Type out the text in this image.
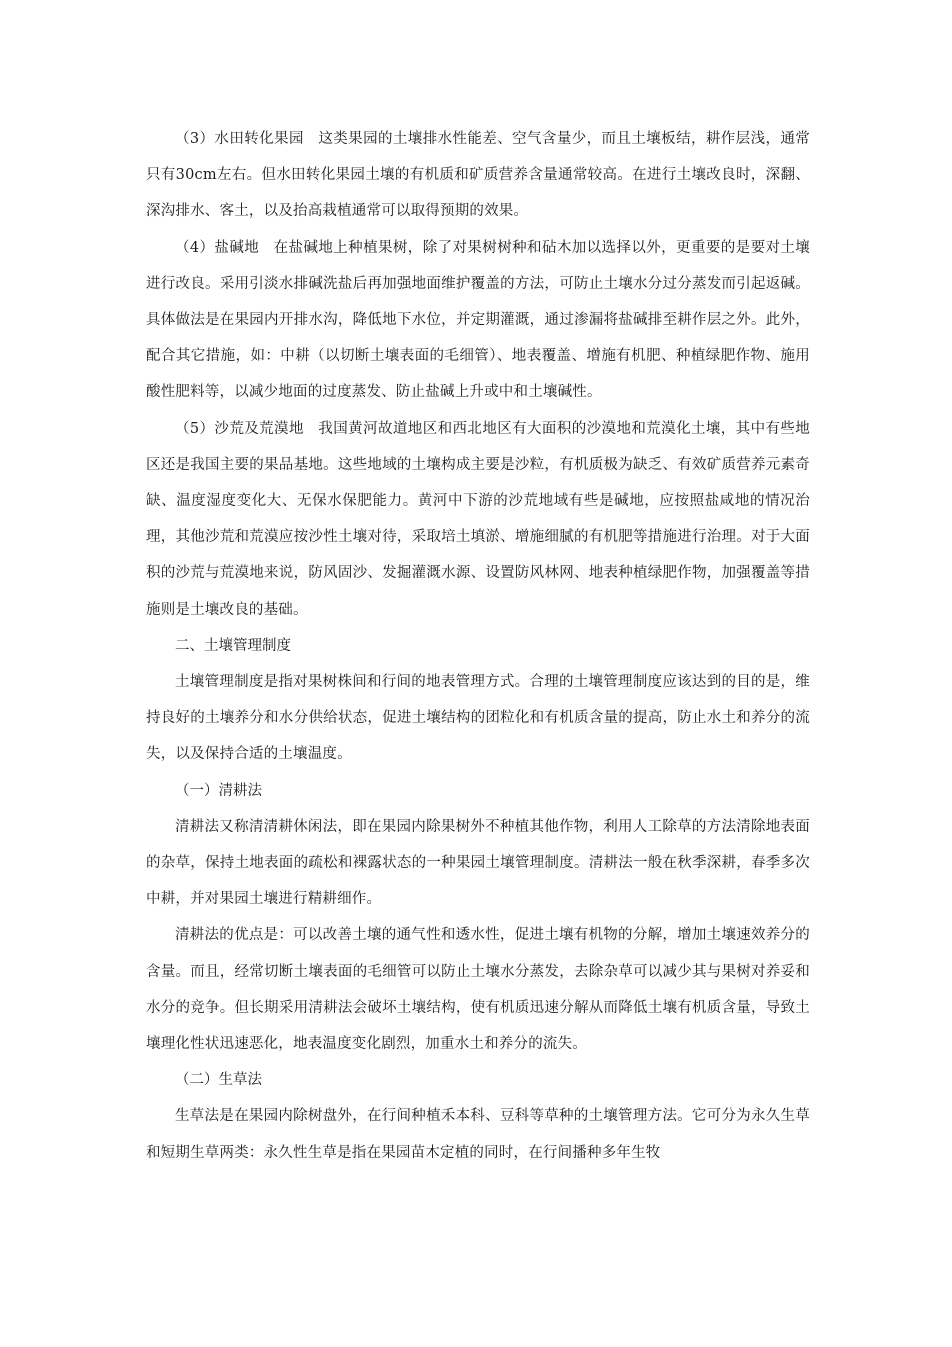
（3）水田转化果园 这类果园的土壤排水性能差、空气含量少，而且土壤板结，耕作层浅，通常只有30cm左右。但水田转化果园土壤的有机质和矿质营养含量通常较高。在进行土壤改良时，深翻、深沟排水、客土，以及抬高栽植通常可以取得预期的效果。

（4）盐碱地 在盐碱地上种植果树，除了对果树树种和砧木加以选择以外，更重要的是要对土壤进行改良。采用引淡水排碱洗盐后再加强地面维护覆盖的方法，可防止土壤水分过分蒸发而引起返碱。具体做法是在果园内开排水沟，降低地下水位，并定期灌溉，通过渗漏将盐碱排至耕作层之外。此外，配合其它措施，如：中耕（以切断土壤表面的毛细管）、地表覆盖、增施有机肥、种植绿肥作物、施用酸性肥料等，以减少地面的过度蒸发、防止盐碱上升或中和土壤碱性。

（5）沙荒及荒漠地 我国黄河故道地区和西北地区有大面积的沙漠地和荒漠化土壤，其中有些地区还是我国主要的果品基地。这些地域的土壤构成主要是沙粒，有机质极为缺乏、有效矿质营养元素奇缺、温度湿度变化大、无保水保肥能力。黄河中下游的沙荒地域有些是碱地，应按照盐咸地的情况治理，其他沙荒和荒漠应按沙性土壤对待，采取培土填淤、增施细腻的有机肥等措施进行治理。对于大面积的沙荒与荒漠地来说，防风固沙、发掘灌溉水源、设置防风林网、地表种植绿肥作物，加强覆盖等措施则是土壤改良的基础。

二、土壤管理制度

土壤管理制度是指对果树株间和行间的地表管理方式。合理的土壤管理制度应该达到的目的是，维持良好的土壤养分和水分供给状态，促进土壤结构的团粒化和有机质含量的提高，防止水土和养分的流失，以及保持合适的土壤温度。

（一）清耕法

清耕法又称清清耕休闲法，即在果园内除果树外不种植其他作物，利用人工除草的方法清除地表面的杂草，保持土地表面的疏松和裸露状态的一种果园土壤管理制度。清耕法一般在秋季深耕，春季多次中耕，并对果园土壤进行精耕细作。

清耕法的优点是：可以改善土壤的通气性和透水性，促进土壤有机物的分解，增加土壤速效养分的含量。而且，经常切断土壤表面的毛细管可以防止土壤水分蒸发，去除杂草可以减少其与果树对养妥和水分的竞争。但长期采用清耕法会破坏土壤结构，使有机质迅速分解从而降低土壤有机质含量，导致土壤理化性状迅速恶化，地表温度变化剧烈，加重水土和养分的流失。

（二）生草法

生草法是在果园内除树盘外，在行间种植禾本科、豆科等草种的土壤管理方法。它可分为永久生草和短期生草两类：永久性生草是指在果园苗木定植的同时，在行间播种多年生牧
